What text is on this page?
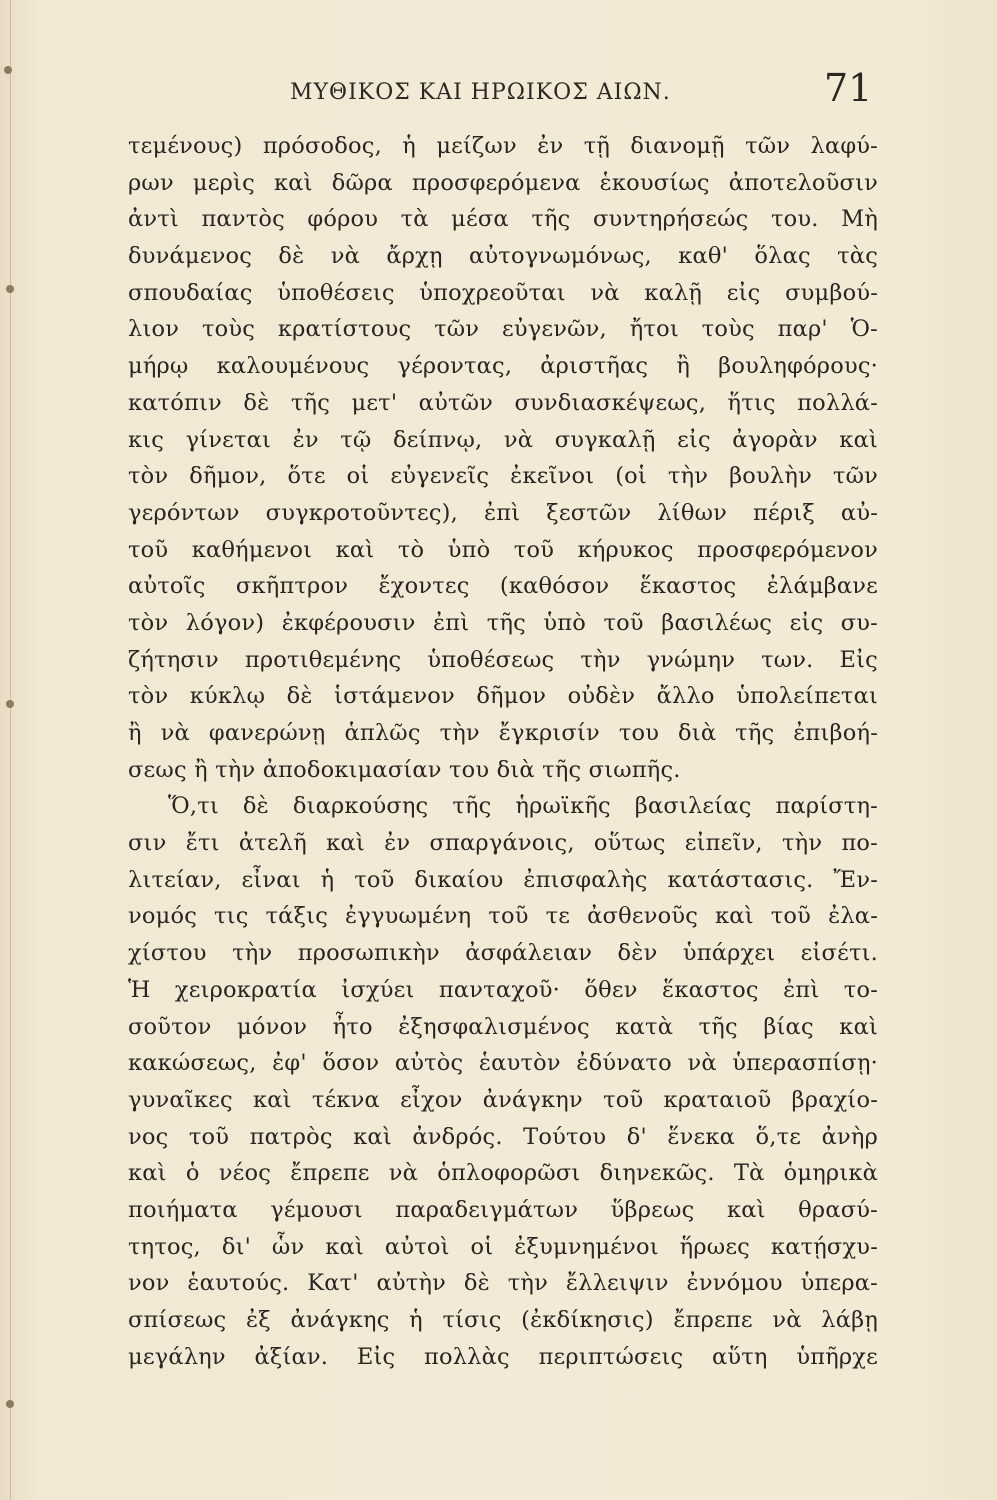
ΜΥΘΙΚΟΣ ΚΑΙ ΗΡΩΙΚΟΣ ΑΙΩΝ.	71
τεμένους) πρόσοδος, ἡ μείζων ἐν τῇ διανομῇ τῶν λαφύ-
ρων μερὶς καὶ δῶρα προσφερόμενα ἑκουσίως ἀποτελοῦσιν
ἀντὶ παντὸς φόρου τὰ μέσα τῆς συντηρήσεώς του. Μὴ
δυνάμενος δὲ νὰ ἄρχῃ αὐτογνωμόνως, καθ' ὅλας τὰς
σπουδαίας ὑποθέσεις ὑποχρεοῦται νὰ καλῇ εἰς συμβού-
λιον τοὺς κρατίστους τῶν εὐγενῶν, ἤτοι τοὺς παρ' Ὁ-
μήρῳ καλουμένους γέροντας, ἀριστῆας ἢ βουληφόρους·
κατόπιν δὲ τῆς μετ' αὐτῶν συνδιασκέψεως, ἥτις πολλά-
κις γίνεται ἐν τῷ δείπνῳ, νὰ συγκαλῇ εἰς ἀγορὰν καὶ
τὸν δῆμον, ὅτε οἱ εὐγενεῖς ἐκεῖνοι (οἱ τὴν βουλὴν τῶν
γερόντων συγκροτοῦντες), ἐπὶ ξεστῶν λίθων πέριξ αὐ-
τοῦ καθήμενοι καὶ τὸ ὑπὸ τοῦ κήρυκος προσφερόμενον
αὐτοῖς σκῆπτρον ἔχοντες (καθόσον ἕκαστος ἐλάμβανε
τὸν λόγον) ἐκφέρουσιν ἐπὶ τῆς ὑπὸ τοῦ βασιλέως εἰς συ-
ζήτησιν προτιθεμένης ὑποθέσεως τὴν γνώμην των. Εἰς
τὸν κύκλῳ δὲ ἱστάμενον δῆμον οὐδὲν ἄλλο ὑπολείπεται
ἢ νὰ φανερώνῃ ἁπλῶς τὴν ἔγκρισίν του διὰ τῆς ἐπιβοή-
σεως ἢ τὴν ἀποδοκιμασίαν του διὰ τῆς σιωπῆς.
Ὅ,τι δὲ διαρκούσης τῆς ἡρωϊκῆς βασιλείας παρίστη-
σιν ἔτι ἀτελῆ καὶ ἐν σπαργάνοις, οὕτως εἰπεῖν, τὴν πο-
λιτείαν, εἶναι ἡ τοῦ δικαίου ἐπισφαλὴς κατάστασις. Ἔν-
νομός τις τάξις ἐγγυωμένη τοῦ τε ἀσθενοῦς καὶ τοῦ ἐλα-
χίστου τὴν προσωπικὴν ἀσφάλειαν δὲν ὑπάρχει εἰσέτι.
Ἡ χειροκρατία ἰσχύει πανταχοῦ· ὅθεν ἕκαστος ἐπὶ το-
σοῦτον μόνον ἦτο ἐξησφαλισμένος κατὰ τῆς βίας καὶ
κακώσεως, ἐφ' ὅσον αὐτὸς ἑαυτὸν ἐδύνατο νὰ ὑπερασπίσῃ·
γυναῖκες καὶ τέκνα εἶχον ἀνάγκην τοῦ κραταιοῦ βραχίο-
νος τοῦ πατρὸς καὶ ἀνδρός. Τούτου δ' ἕνεκα ὅ,τε ἀνὴρ
καὶ ὁ νέος ἔπρεπε νὰ ὁπλοφορῶσι διηνεκῶς. Τὰ ὁμηρικὰ
ποιήματα γέμουσι παραδειγμάτων ὕβρεως καὶ θρασύ-
τητος, δι' ὧν καὶ αὐτοὶ οἱ ἐξυμνημένοι ἥρωες κατῄσχυ-
νον ἑαυτούς. Κατ' αὐτὴν δὲ τὴν ἔλλειψιν ἐννόμου ὑπερα-
σπίσεως ἐξ ἀνάγκης ἡ τίσις (ἐκδίκησις) ἔπρεπε νὰ λάβῃ
μεγάλην ἀξίαν. Εἰς πολλὰς περιπτώσεις αὕτη ὑπῆρχε
